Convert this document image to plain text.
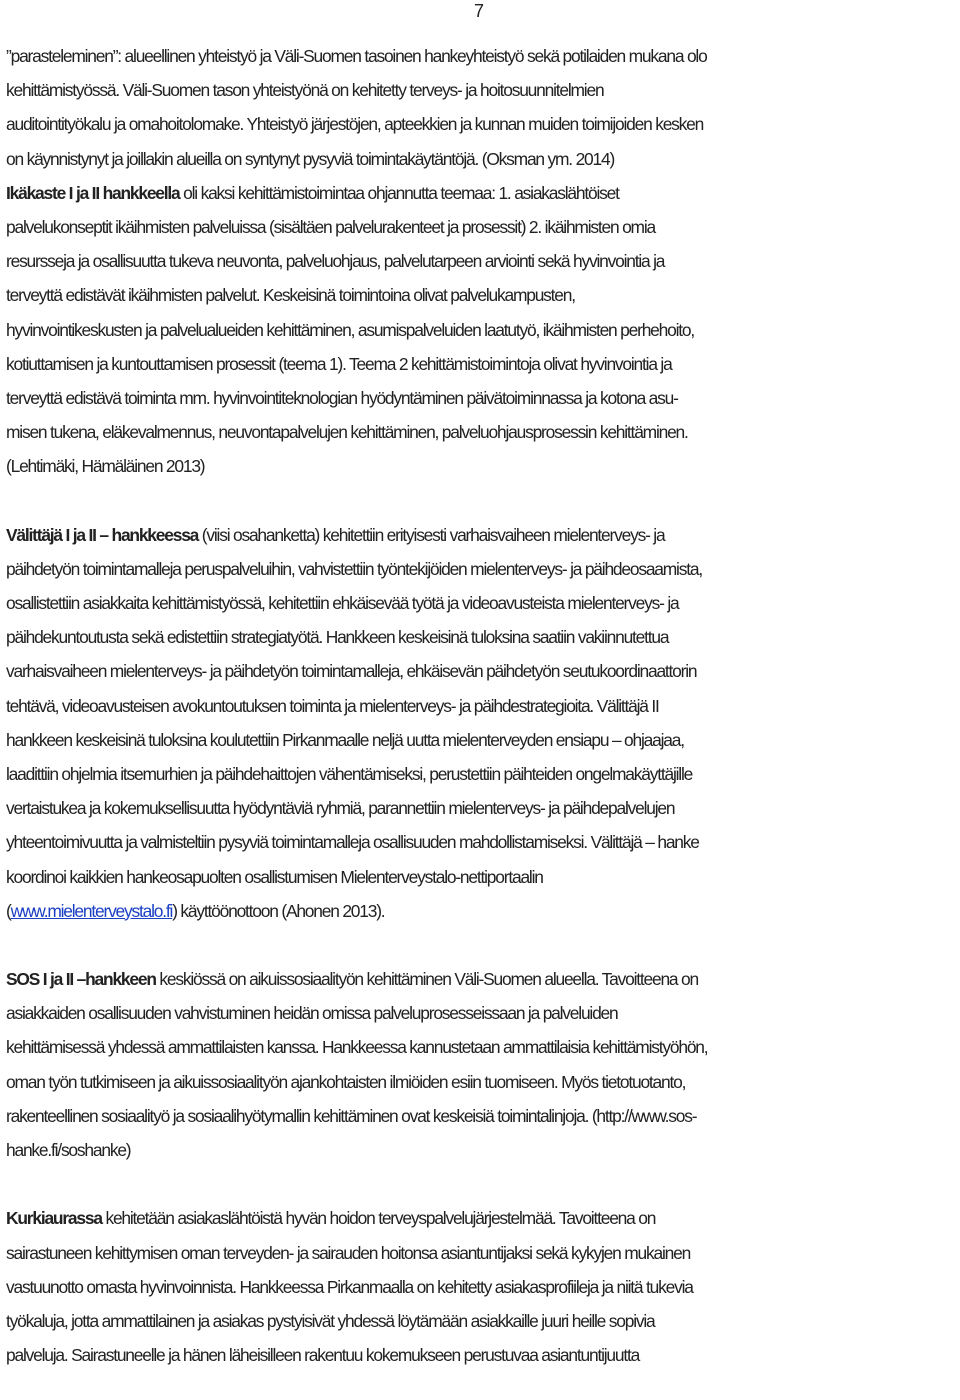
7
”parasteleminen”: alueellinen yhteistyö ja Väli-Suomen tasoinen hankeyhteistyö sekä potilaiden mukana olo
kehittämistyössä. Väli-Suomen tason yhteistyönä on kehitetty terveys- ja hoitosuunnitelmien
auditointityökalu ja omahoitolomake. Yhteistyö järjestöjen, apteekkien ja kunnan muiden toimijoiden kesken
on käynnistynyt ja joillakin alueilla on syntynyt pysyviä toimintakäytäntöjä. (Oksman ym. 2014)
Ikäkaste I ja II hankkeella oli kaksi kehittämistoimintaa ohjannutta teemaa: 1. asiakaslähtöiset
palvelukonseptit ikäihmisten palveluissa (sisältäen palvelurakenteet ja prosessit) 2. ikäihmisten omia
resursseja ja osallisuutta tukeva neuvonta, palveluohjaus, palvelutarpeen arviointi sekä hyvinvointia ja
terveyttä edistävät ikäihmisten palvelut. Keskeisinä toimintoina olivat palvelukampusten,
hyvinvointikeskusten ja palvelualueiden kehittäminen, asumispalveluiden laatutyö, ikäihmisten perhehoito,
kotiuttamisen ja kuntouttamisen prosessit (teema 1). Teema 2 kehittämistoimintoja olivat hyvinvointia ja
terveyttä edistävä toiminta mm. hyvinvointiteknologian hyödyntäminen päivätoiminnassa ja kotona asu-
misen tukena, eläkevalmennus, neuvontapalvelujen kehittäminen, palveluohjausprosessin kehittäminen.
(Lehtimäki, Hämäläinen 2013)
Välittäjä I ja II – hankkeessa (viisi osahanketta) kehitettiin erityisesti varhaisvaiheen mielenterveys- ja
päihdetyön toimintamalleja peruspalveluihin, vahvistettiin työntekijöiden mielenterveys- ja päihdeosaamista,
osallistettiin asiakkaita kehittämistyössä, kehitettiin ehkäisevää työtä ja videoavusteista mielenterveys- ja
päihdekuntoutusta sekä edistettiin strategiatyötä. Hankkeen keskeisinä tuloksina saatiin vakiinnutettua
varhaisvaiheen mielenterveys- ja päihdetyön toimintamalleja, ehkäisevän päihdetyön seutukoordinaattorin
tehtävä, videoavusteisen avokuntoutuksen toiminta ja mielenterveys- ja päihdestrategioita. Välittäjä II
hankkeen keskeisinä tuloksina koulutettiin Pirkanmaalle neljä uutta mielenterveyden ensiapu – ohjaajaa,
laadittiin ohjelmia itsemurhien ja päihdehaittojen vähentämiseksi, perustettiin päihteiden ongelmakäyttäjille
vertaistukea ja kokemuksellisuutta hyödyntäviä ryhmiä, parannettiin mielenterveys- ja päihdepalvelujen
yhteentoimivuutta ja valmisteltiin pysyviä toimintamalleja osallisuuden mahdollistamiseksi. Välittäjä – hanke
koordinoi kaikkien hankeosapuolten osallistumisen Mielenterveystalo-nettiportaalin
(www.mielenterveystalo.fi) käyttöönottoon (Ahonen 2013).
SOS I ja II –hankkeen keskiössä on aikuissosiaalityön kehittäminen Väli-Suomen alueella. Tavoitteena on
asiakkaiden osallisuuden vahvistuminen heidän omissa palveluprosesseissaan ja palveluiden
kehittämisessä yhdessä ammattilaisten kanssa. Hankkeessa kannustetaan ammattilaisia kehittämistyöhön,
oman työn tutkimiseen ja aikuissosiaalityön ajankohtaisten ilmiöiden esiin tuomiseen. Myös tietotuotanto,
rakenteellinen sosiaalityö ja sosiaalihyötymallin kehittäminen ovat keskeisiä toimintalinjoja. (http://www.sos-
hanke.fi/soshanke)
Kurkiaurassa kehitetään asiakaslähtöistä hyvän hoidon terveyspalvelujärjestelmää. Tavoitteena on
sairastuneen kehittymisen oman terveyden- ja sairauden hoitonsa asiantuntijaksi sekä kykyjen mukainen
vastuunotto omasta hyvinvoinnista. Hankkeessa Pirkanmaalla on kehitetty asiakasprofiileja ja niitä tukevia
työkaluja, jotta ammattilainen ja asiakas pystyisivät yhdessä löytämään asiakkaille juuri heille sopivia
palveluja. Sairastuneelle ja hänen läheisilleen rakentuu kokemukseen perustuvaa asiantuntijuutta
